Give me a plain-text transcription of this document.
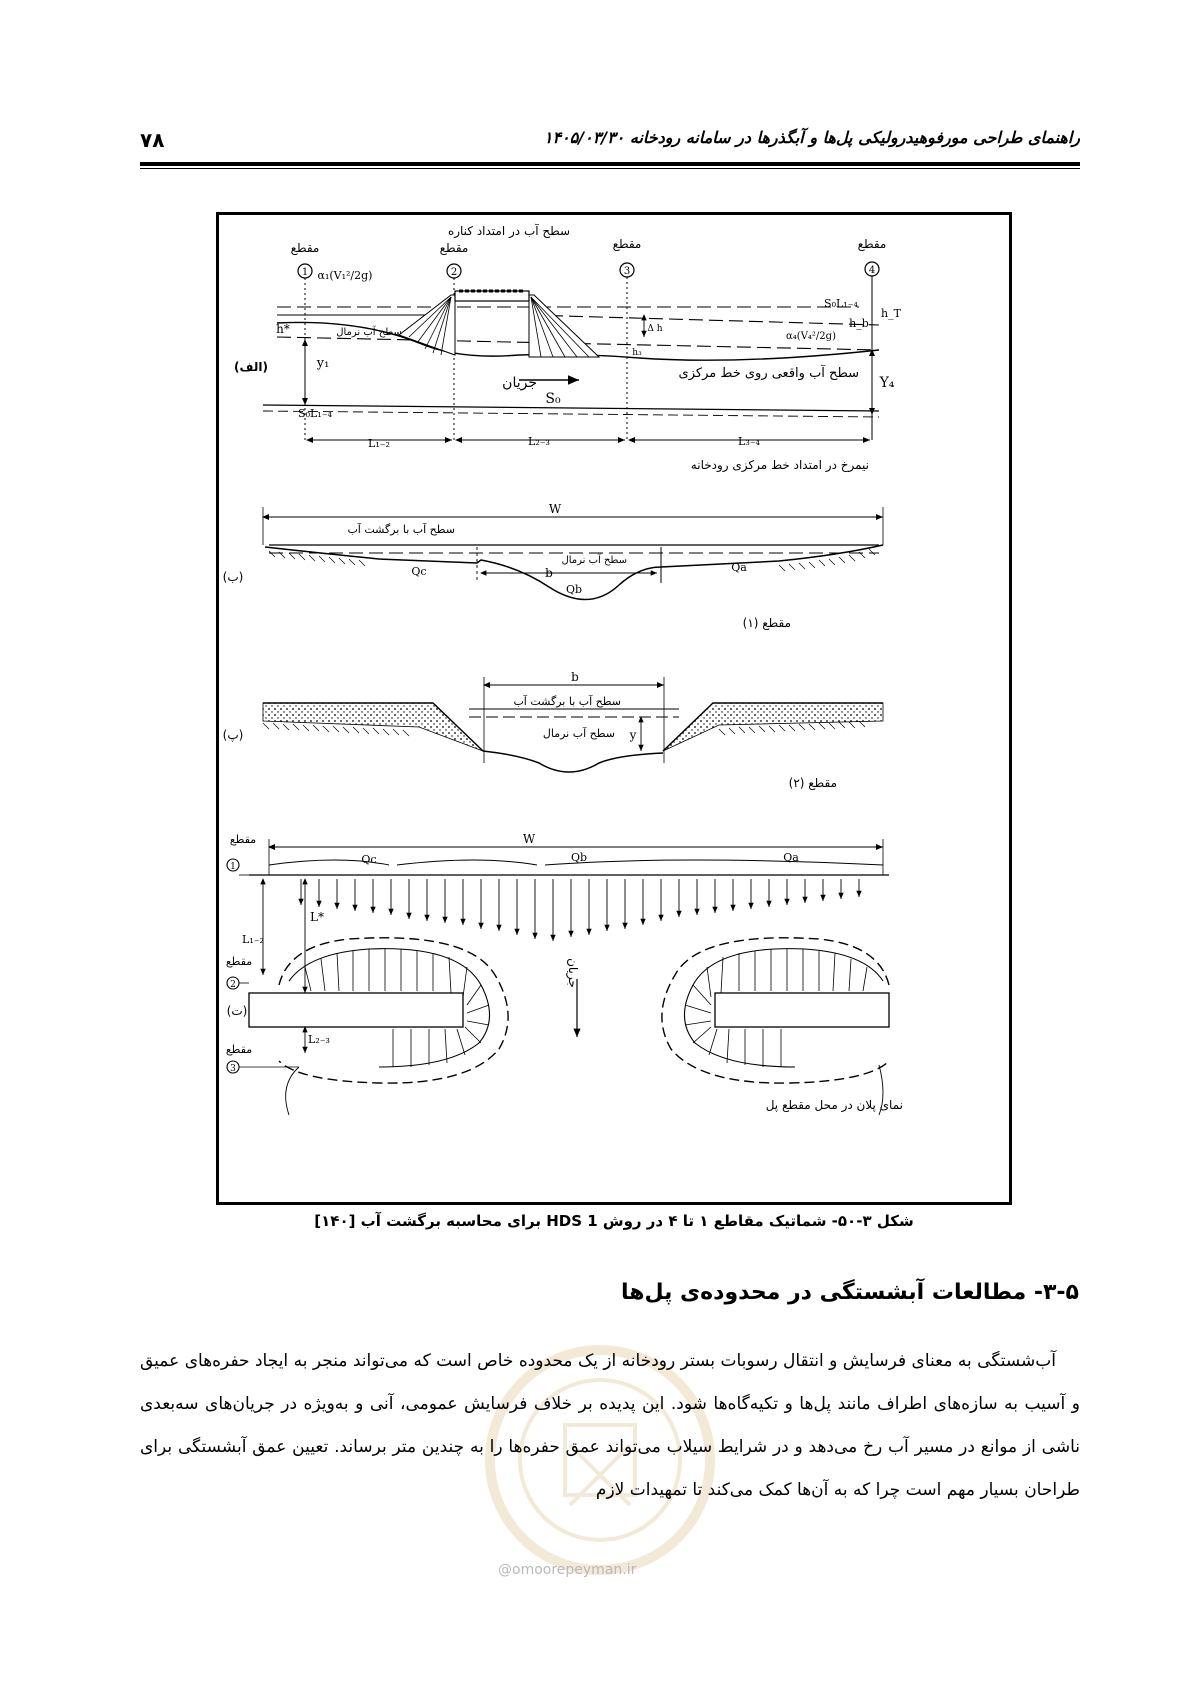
@omoorepeyman.ir
۷۸	راهنمای طراحی مورفوهیدرولیکی پل‌ها و آبگذرها در سامانه رودخانه ۱۴۰۵/۰۳/۳۰
مقطع
1
مقطع
2
مقطع
3
مقطع
4
سطح آب در امتداد کناره
α₁(V₁²/2g)
سطح آب نرمال
h*
y₁
(الف)
جریان
S₀
S₀L₁₋₄
S₀L₁₋₄
Δ h
h₃
h_b
h_T
α₄(V₄²/2g)
سطح آب واقعی روی خط مرکزی
Y₄
L₁₋₂	L₂₋₃	L₃₋₄
نیمرخ در امتداد خط مرکزی رودخانه
W
سطح آب با برگشت آب
سطح آب نرمال
b
Qc
Qb
Qa
(ب)
مقطع (۱)
b
سطح آب با برگشت آب
سطح آب نرمال y
(پ)
مقطع (۲)
W
Qc	Qb	Qa
مقطع
1
مقطع
2
مقطع
3
L*
L₁₋₂
L₂₋₃
(ت)
جریان
نمای پلان در محل مقطع پل
شکل ۳-۵۰- شماتیک مقاطع ۱ تا ۴ در روش HDS 1 برای محاسبه برگشت آب [۱۴۰]
۳-۵- مطالعات آبشستگی در محدوده‌ی پل‌ها

آب‌شستگی به معنای فرسایش و انتقال رسوبات بستر رودخانه از یک محدوده خاص است که می‌تواند منجر به ایجاد حفره‌های عمیق و آسیب به سازه‌های اطراف مانند پل‌ها و تکیه‌گاه‌ها شود. این پدیده بر خلاف فرسایش عمومی، آنی و به‌ویژه در جریان‌های سه‌بعدی ناشی از موانع در مسیر آب رخ می‌دهد و در شرایط سیلاب می‌تواند عمق حفره‌ها را به چندین متر برساند. تعیین عمق آبشستگی برای طراحان بسیار مهم است چرا که به آن‌ها کمک می‌کند تا تمهیدات لازم
